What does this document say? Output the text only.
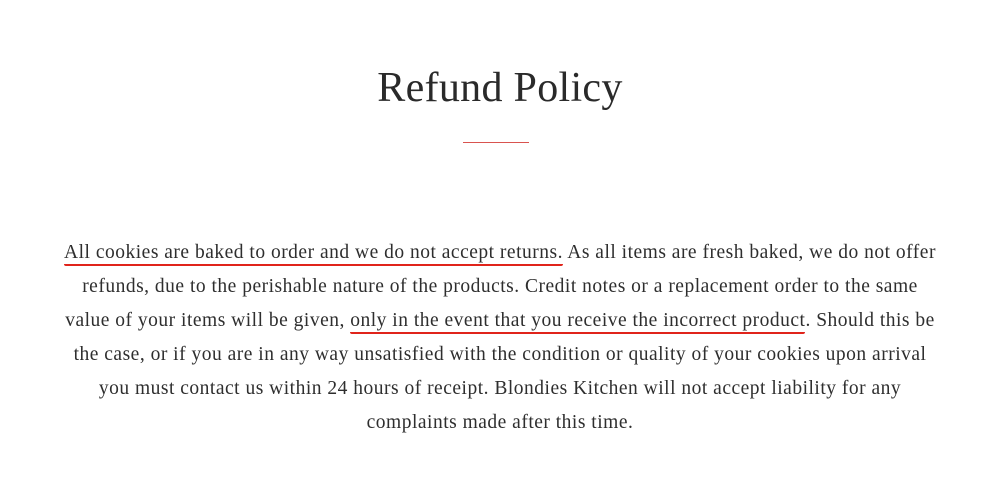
Refund Policy

All cookies are baked to order and we do not accept returns. As all items are fresh baked, we do not offer refunds, due to the perishable nature of the products. Credit notes or a replacement order to the same value of your items will be given, only in the event that you receive the incorrect product. Should this be the case, or if you are in any way unsatisfied with the condition or quality of your cookies upon arrival you must contact us within 24 hours of receipt. Blondies Kitchen will not accept liability for any complaints made after this time.
